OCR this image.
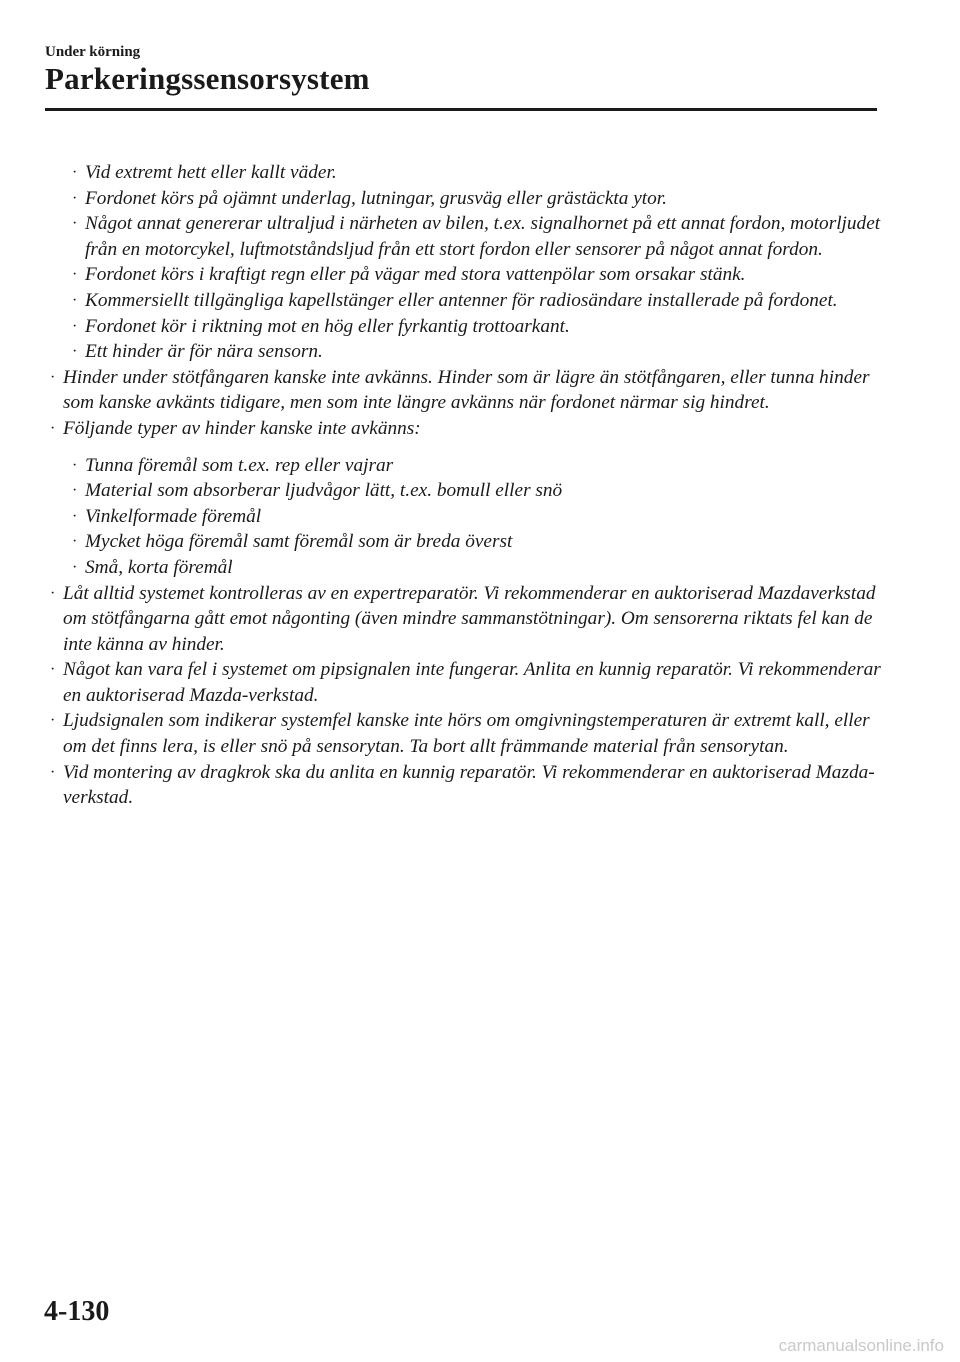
Under körning

Parkeringssensorsystem

· Vid extremt hett eller kallt väder.

· Fordonet körs på ojämnt underlag, lutningar, grusväg eller grästäckta ytor.

· Något annat genererar ultraljud i närheten av bilen, t.ex. signalhornet på ett annat fordon, motorljudet från en motorcykel, luftmotståndsljud från ett stort fordon eller sensorer på något annat fordon.

· Fordonet körs i kraftigt regn eller på vägar med stora vattenpölar som orsakar stänk.

· Kommersiellt tillgängliga kapellstänger eller antenner för radiosändare installerade på fordonet.

· Fordonet kör i riktning mot en hög eller fyrkantig trottoarkant.

· Ett hinder är för nära sensorn.

· Hinder under stötfångaren kanske inte avkänns. Hinder som är lägre än stötfångaren, eller tunna hinder som kanske avkänts tidigare, men som inte längre avkänns när fordonet närmar sig hindret.

· Följande typer av hinder kanske inte avkänns:

· Tunna föremål som t.ex. rep eller vajrar

· Material som absorberar ljudvågor lätt, t.ex. bomull eller snö

· Vinkelformade föremål

· Mycket höga föremål samt föremål som är breda överst

· Små, korta föremål

· Låt alltid systemet kontrolleras av en expertreparatör. Vi rekommenderar en auktoriserad Mazdaverkstad om stötfångarna gått emot någonting (även mindre sammanstötningar). Om sensorerna riktats fel kan de inte känna av hinder.

· Något kan vara fel i systemet om pipsignalen inte fungerar. Anlita en kunnig reparatör. Vi rekommenderar en auktoriserad Mazda-verkstad.

· Ljudsignalen som indikerar systemfel kanske inte hörs om omgivningstemperaturen är extremt kall, eller om det finns lera, is eller snö på sensorytan. Ta bort allt främmande material från sensorytan.

· Vid montering av dragkrok ska du anlita en kunnig reparatör. Vi rekommenderar en auktoriserad Mazda-verkstad.

4-130

carmanualsonline.info
